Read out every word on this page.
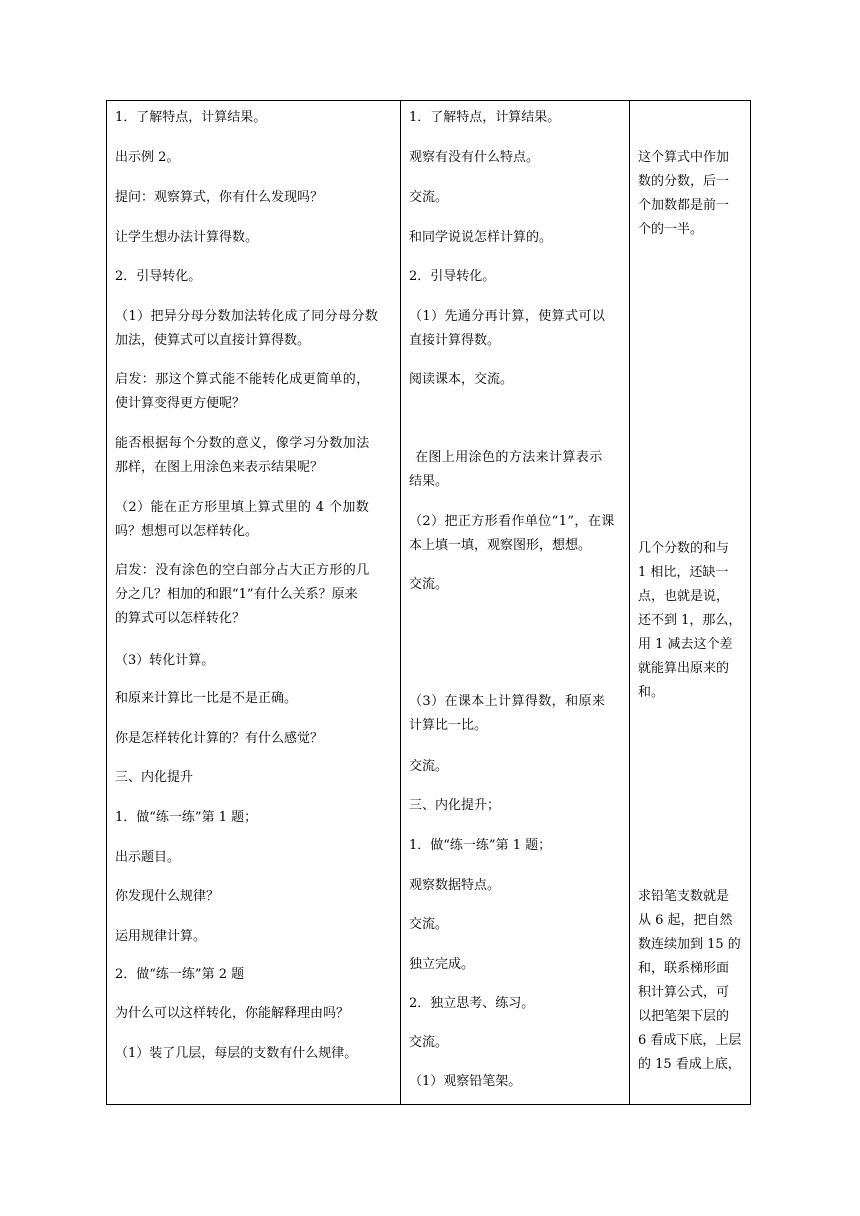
1．了解特点，计算结果。
出示例 2。
提问：观察算式，你有什么发现吗？
让学生想办法计算得数。
2．引导转化。
（1）把异分母分数加法转化成了同分母分数
加法，使算式可以直接计算得数。
启发：那这个算式能不能转化成更简单的，
使计算变得更方便呢？
能否根据每个分数的意义，像学习分数加法
那样，在图上用涂色来表示结果呢？
（2）能在正方形里填上算式里的 4 个加数
吗？想想可以怎样转化。
启发：没有涂色的空白部分占大正方形的几
分之几？相加的和跟“1”有什么关系？原来
的算式可以怎样转化？
（3）转化计算。
和原来计算比一比是不是正确。
你是怎样转化计算的？有什么感觉？
三、内化提升
1．做“练一练”第 1 题；
出示题目。
你发现什么规律？
运用规律计算。
2．做“练一练”第 2 题
为什么可以这样转化，你能解释理由吗？
（1）装了几层，每层的支数有什么规律。
1．了解特点，计算结果。
观察有没有什么特点。
交流。
和同学说说怎样计算的。
2．引导转化。
（1）先通分再计算，使算式可以
直接计算得数。
阅读课本，交流。
在图上用涂色的方法来计算表示
结果。
（2）把正方形看作单位“1”，在课
本上填一填，观察图形，想想。
交流。
（3）在课本上计算得数，和原来
计算比一比。
交流。
三、内化提升；
1．做“练一练”第 1 题；
观察数据特点。
交流。
独立完成。
2．独立思考、练习。
交流。
（1）观察铅笔架。
这个算式中作加
数的分数，后一
个加数都是前一
个的一半。
几个分数的和与
1 相比，还缺一
点，也就是说，
还不到 1，那么，
用 1 减去这个差
就能算出原来的
和。
求铅笔支数就是
从 6 起，把自然
数连续加到 15 的
和，联系梯形面
积计算公式，可
以把笔架下层的
6 看成下底，上层
的 15 看成上底，
